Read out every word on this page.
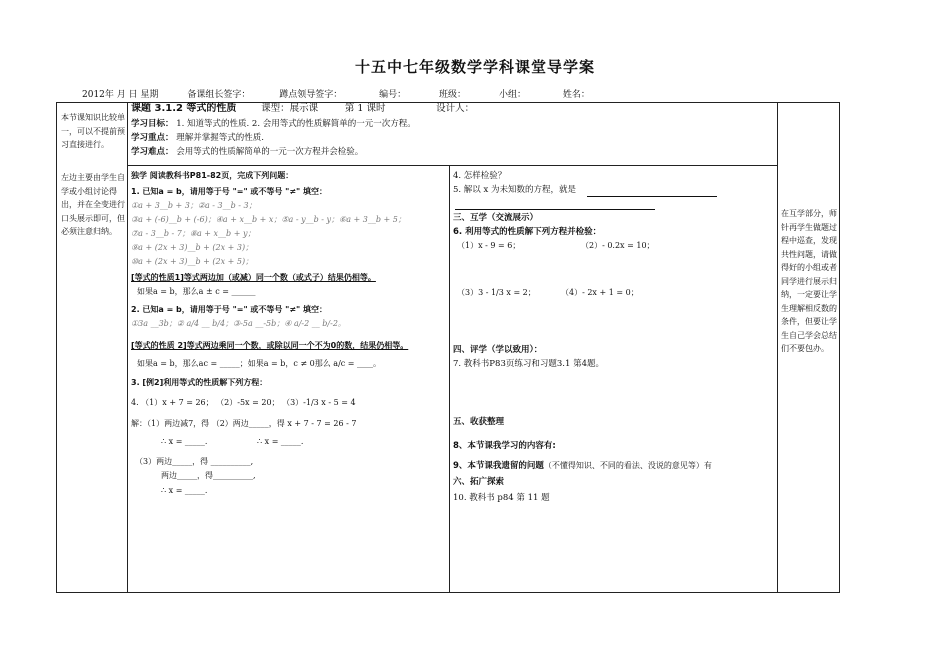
十五中七年级数学学科课堂导学案
2012年 月 日 星期	备课组长签字：	蹲点领导签字：	编号：	班级：	小组：	姓名：
本节课知识比较单一，可以不提前预习直接进行。
左边主要由学生自学或小组讨论得出，并在全变进行口头展示即可，但必须注意归纳。
在互学部分，师针再学生做题过程中巡查，发现共性问题，请做得好的小组或者同学进行展示归纳，一定要让学生理解相反数的条件，但要让学生自己学会总结们不要包办。
课题 3.1.2 等式的性质	课型：展示课	第 1 课时	设计人：
学习目标： 1. 知道等式的性质. 2. 会用等式的性质解简单的一元一次方程。
学习重点： 理解并掌握等式的性质.
学习难点： 会用等式的性质解简单的一元一次方程并会检验。
独学 阅读教科书P81-82页，完成下列问题：
1. 已知a = b，请用等于号 "=" 或不等号 "≠" 填空：
①a + 3__b + 3；②a - 3__b - 3；
③a + (-6)__b + (-6)；④a + x__b + x；⑤a - y__b - y；⑥a + 3__b + 5；
⑦a - 3__b - 7；⑧a + x__b + y；
⑨a + (2x + 3)__b + (2x + 3)；
⑩a + (2x + 3)__b + (2x + 5)；
[等式的性质1]等式两边加（或减）同一个数（或式子）结果仍相等。
如果a = b，那么a ± c = ______
2. 已知a = b，请用等于号 "=" 或不等号 "≠" 填空：
①3a __3b；② a/4 __ b/4；③-5a __-5b；④ a/-2 __ b/-2。
[等式的性质 2]等式两边乘同一个数，或除以同一个不为0的数，结果仍相等。
如果a = b，那么ac = _____；如果a = b，c ≠ 0那么 a/c = ____。
3. [例2]利用等式的性质解下列方程：
4. （1）x + 7 = 26； （2）-5x = 20； （3）-1/3 x - 5 = 4
解：（1）两边减7，得 （2）两边_____，得 x + 7 - 7 = 26 - 7
∴ x = _____.	∴ x = _____.
（3）两边_____，得 __________,
两边_____，得__________,
∴ x = _____.
4. 怎样检验？
5. 解以 x 为未知数的方程，就是
三、互学（交流展示）
6. 利用等式的性质解下列方程并检验：
（1）x - 9 = 6；	（2）- 0.2x = 10；
（3）3 - 1/3 x = 2；	（4）- 2x + 1 = 0；
四、评学（学以致用）：
7. 教科书P83页练习和习题3.1 第4题。
五、收获整理
8、本节课我学习的内容有:
9、本节课我遗留的问题（不懂得知识、不同的看法、没说的意见等）有
六、拓广探索
10. 教科书 p84 第 11 题
